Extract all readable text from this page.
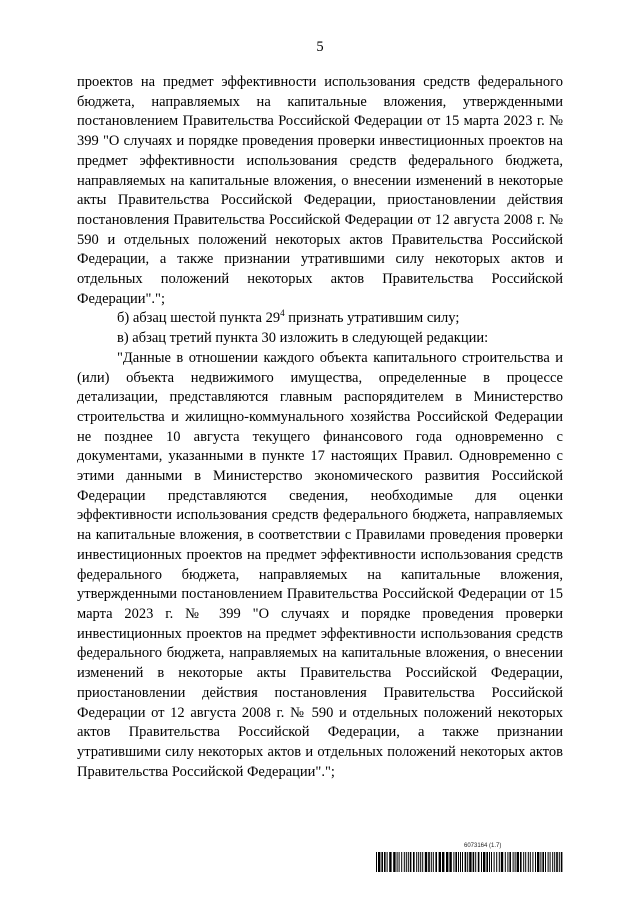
5

проектов на предмет эффективности использования средств федерального бюджета, направляемых на капитальные вложения, утвержденными постановлением Правительства Российской Федерации от 15 марта 2023 г. № 399 "О случаях и порядке проведения проверки инвестиционных проектов на предмет эффективности использования средств федерального бюджета, направляемых на капитальные вложения, о внесении изменений в некоторые акты Правительства Российской Федерации, приостановлении действия постановления Правительства Российской Федерации от 12 августа 2008 г. № 590 и отдельных положений некоторых актов Правительства Российской Федерации, а также признании утратившими силу некоторых актов и отдельных положений некоторых актов Правительства Российской Федерации".";

б) абзац шестой пункта $29^4$ признать утратившим силу;

в) абзац третий пункта 30 изложить в следующей редакции:

"Данные в отношении каждого объекта капитального строительства и (или) объекта недвижимого имущества, определенные в процессе детализации, представляются главным распорядителем в Министерство строительства и жилищно-коммунального хозяйства Российской Федерации не позднее 10 августа текущего финансового года одновременно с документами, указанными в пункте 17 настоящих Правил. Одновременно с этими данными в Министерство экономического развития Российской Федерации представляются сведения, необходимые для оценки эффективности использования средств федерального бюджета, направляемых на капитальные вложения, в соответствии с Правилами проведения проверки инвестиционных проектов на предмет эффективности использования средств федерального бюджета, направляемых на капитальные вложения, утвержденными постановлением Правительства Российской Федерации от 15 марта 2023 г. № 399 "О случаях и порядке проведения проверки инвестиционных проектов на предмет эффективности использования средств федерального бюджета, направляемых на капитальные вложения, о внесении изменений в некоторые акты Правительства Российской Федерации, приостановлении действия постановления Правительства Российской Федерации от 12 августа 2008 г. № 590 и отдельных положений некоторых актов Правительства Российской Федерации, а также признании утратившими силу некоторых актов и отдельных положений некоторых актов Правительства Российской Федерации".";

6073164 (1.7)
